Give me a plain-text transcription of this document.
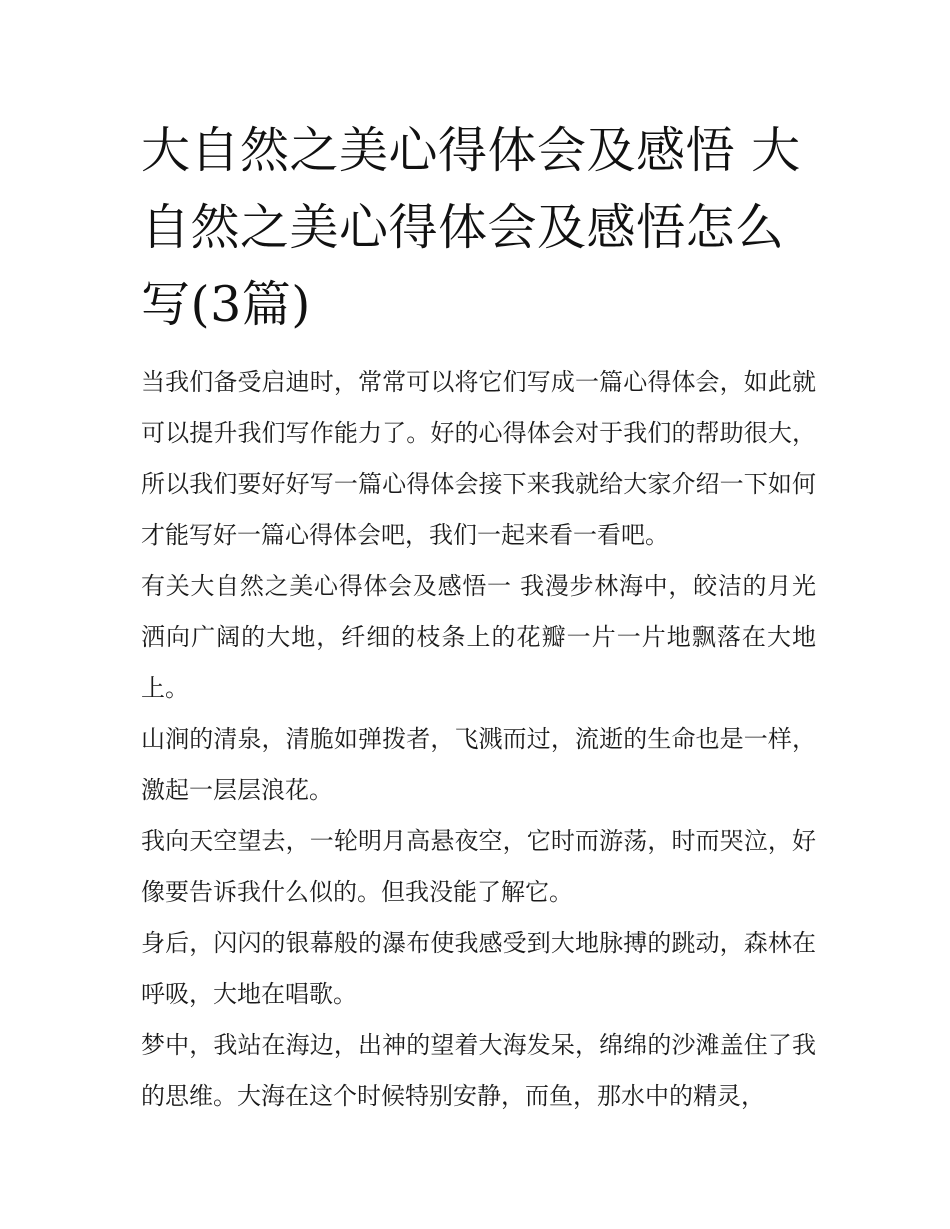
大自然之美心得体会及感悟 大自然之美心得体会及感悟怎么写(3篇)

当我们备受启迪时，常常可以将它们写成一篇心得体会，如此就可以提升我们写作能力了。好的心得体会对于我们的帮助很大，所以我们要好好写一篇心得体会接下来我就给大家介绍一下如何才能写好一篇心得体会吧，我们一起来看一看吧。

有关大自然之美心得体会及感悟一 我漫步林海中，皎洁的月光洒向广阔的大地，纤细的枝条上的花瓣一片一片地飘落在大地上。

山涧的清泉，清脆如弹拨者，飞溅而过，流逝的生命也是一样，激起一层层浪花。

我向天空望去，一轮明月高悬夜空，它时而游荡，时而哭泣，好像要告诉我什么似的。但我没能了解它。

身后，闪闪的银幕般的瀑布使我感受到大地脉搏的跳动，森林在呼吸，大地在唱歌。

梦中，我站在海边，出神的望着大海发呆，绵绵的沙滩盖住了我的思维。大海在这个时候特别安静，而鱼，那水中的精灵，
